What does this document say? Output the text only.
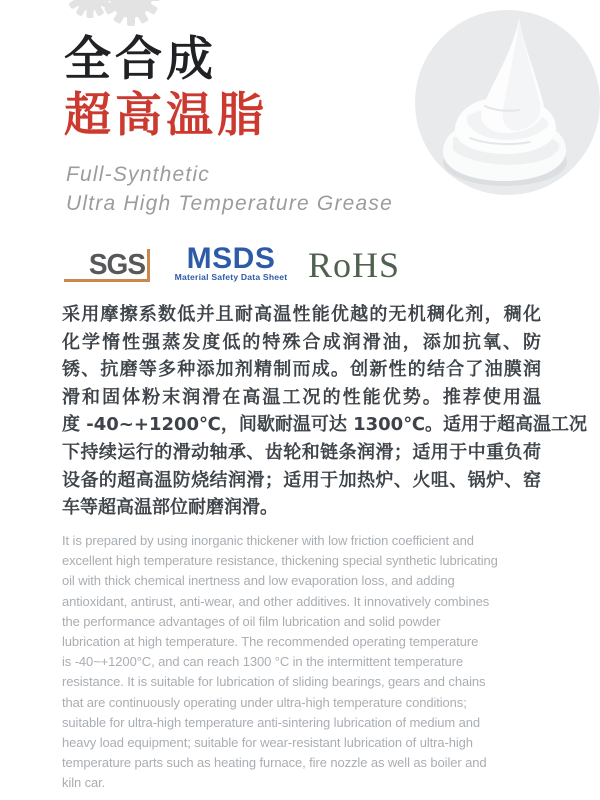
全合成
超高温脂
Full-Synthetic
Ultra High Temperature Grease
SGS	MSDS
Material Safety Data Sheet RoHS
采用摩擦系数低并且耐高温性能优越的无机稠化剂，稠化
化学惰性强蒸发度低的特殊合成润滑油，添加抗氧、防
锈、抗磨等多种添加剂精制而成。创新性的结合了油膜润
滑和固体粉末润滑在高温工况的性能优势。推荐使用温
度 -40~+1200℃，间歇耐温可达 1300℃。适用于超高温工况
下持续运行的滑动轴承、齿轮和链条润滑；适用于中重负荷
设备的超高温防烧结润滑；适用于加热炉、火咀、锅炉、窑
车等超高温部位耐磨润滑。
It is prepared by using inorganic thickener with low friction coefficient and
excellent high temperature resistance, thickening special synthetic lubricating
oil with thick chemical inertness and low evaporation loss, and adding
antioxidant, antirust, anti-wear, and other additives. It innovatively combines
the performance advantages of oil film lubrication and solid powder
lubrication at high temperature. The recommended operating temperature
is -40~+1200°C, and can reach 1300 °C in the intermittent temperature
resistance. It is suitable for lubrication of sliding bearings, gears and chains
that are continuously operating under ultra-high temperature conditions;
suitable for ultra-high temperature anti-sintering lubrication of medium and
heavy load equipment; suitable for wear-resistant lubrication of ultra-high
temperature parts such as heating furnace, fire nozzle as well as boiler and
kiln car.
